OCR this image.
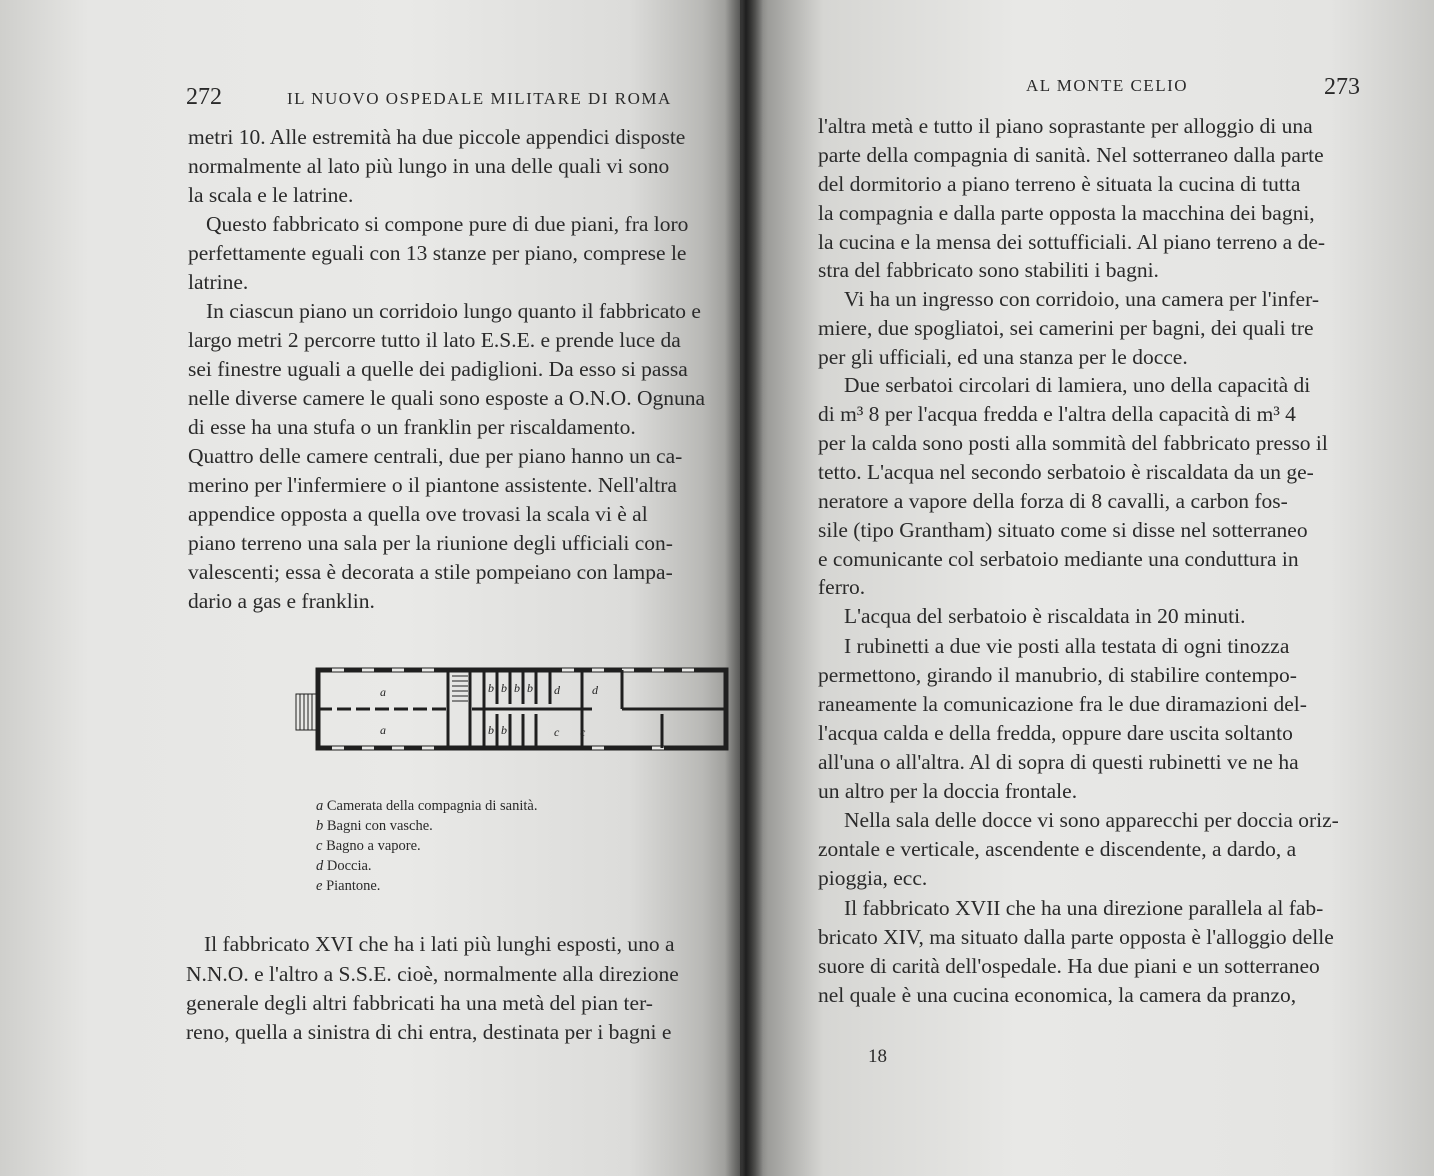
272	IL NUOVO OSPEDALE MILITARE DI ROMA
metri 10. Alle estremità ha due piccole appendici disposte
normalmente al lato più lungo in una delle quali vi sono
la scala e le latrine.
Questo fabbricato si compone pure di due piani, fra loro
perfettamente eguali con 13 stanze per piano, comprese le
latrine.
In ciascun piano un corridoio lungo quanto il fabbricato e
largo metri 2 percorre tutto il lato E.S.E. e prende luce da
sei finestre uguali a quelle dei padiglioni. Da esso si passa
nelle diverse camere le quali sono esposte a O.N.O. Ognuna
di esse ha una stufa o un franklin per riscaldamento.
Quattro delle camere centrali, due per piano hanno un ca-
merino per l'infermiere o il piantone assistente. Nell'altra
appendice opposta a quella ove trovasi la scala vi è al
piano terreno una sala per la riunione degli ufficiali con-
valescenti; essa è decorata a stile pompeiano con lampa-
dario a gas e franklin.
a
a
b b b b
b b
d	d
c c
a Camerata della compagnia di sanità.
b Bagni con vasche.
c Bagno a vapore.
d Doccia.
e Piantone.
Il fabbricato XVI che ha i lati più lunghi esposti, uno a
N.N.O. e l'altro a S.S.E. cioè, normalmente alla direzione
generale degli altri fabbricati ha una metà del pian ter-
reno, quella a sinistra di chi entra, destinata per i bagni e
AL MONTE CELIO	273
l'altra metà e tutto il piano soprastante per alloggio di una
parte della compagnia di sanità. Nel sotterraneo dalla parte
del dormitorio a piano terreno è situata la cucina di tutta
la compagnia e dalla parte opposta la macchina dei bagni,
la cucina e la mensa dei sottufficiali. Al piano terreno a de-
stra del fabbricato sono stabiliti i bagni.
Vi ha un ingresso con corridoio, una camera per l'infer-
miere, due spogliatoi, sei camerini per bagni, dei quali tre
per gli ufficiali, ed una stanza per le docce.
Due serbatoi circolari di lamiera, uno della capacità di
di m³ 8 per l'acqua fredda e l'altra della capacità di m³ 4
per la calda sono posti alla sommità del fabbricato presso il
tetto. L'acqua nel secondo serbatoio è riscaldata da un ge-
neratore a vapore della forza di 8 cavalli, a carbon fos-
sile (tipo Grantham) situato come si disse nel sotterraneo
e comunicante col serbatoio mediante una conduttura in
ferro.
L'acqua del serbatoio è riscaldata in 20 minuti.
I rubinetti a due vie posti alla testata di ogni tinozza
permettono, girando il manubrio, di stabilire contempo-
raneamente la comunicazione fra le due diramazioni del-
l'acqua calda e della fredda, oppure dare uscita soltanto
all'una o all'altra. Al di sopra di questi rubinetti ve ne ha
un altro per la doccia frontale.
Nella sala delle docce vi sono apparecchi per doccia oriz-
zontale e verticale, ascendente e discendente, a dardo, a
pioggia, ecc.
Il fabbricato XVII che ha una direzione parallela al fab-
bricato XIV, ma situato dalla parte opposta è l'alloggio delle
suore di carità dell'ospedale. Ha due piani e un sotterraneo
nel quale è una cucina economica, la camera da pranzo,
18
